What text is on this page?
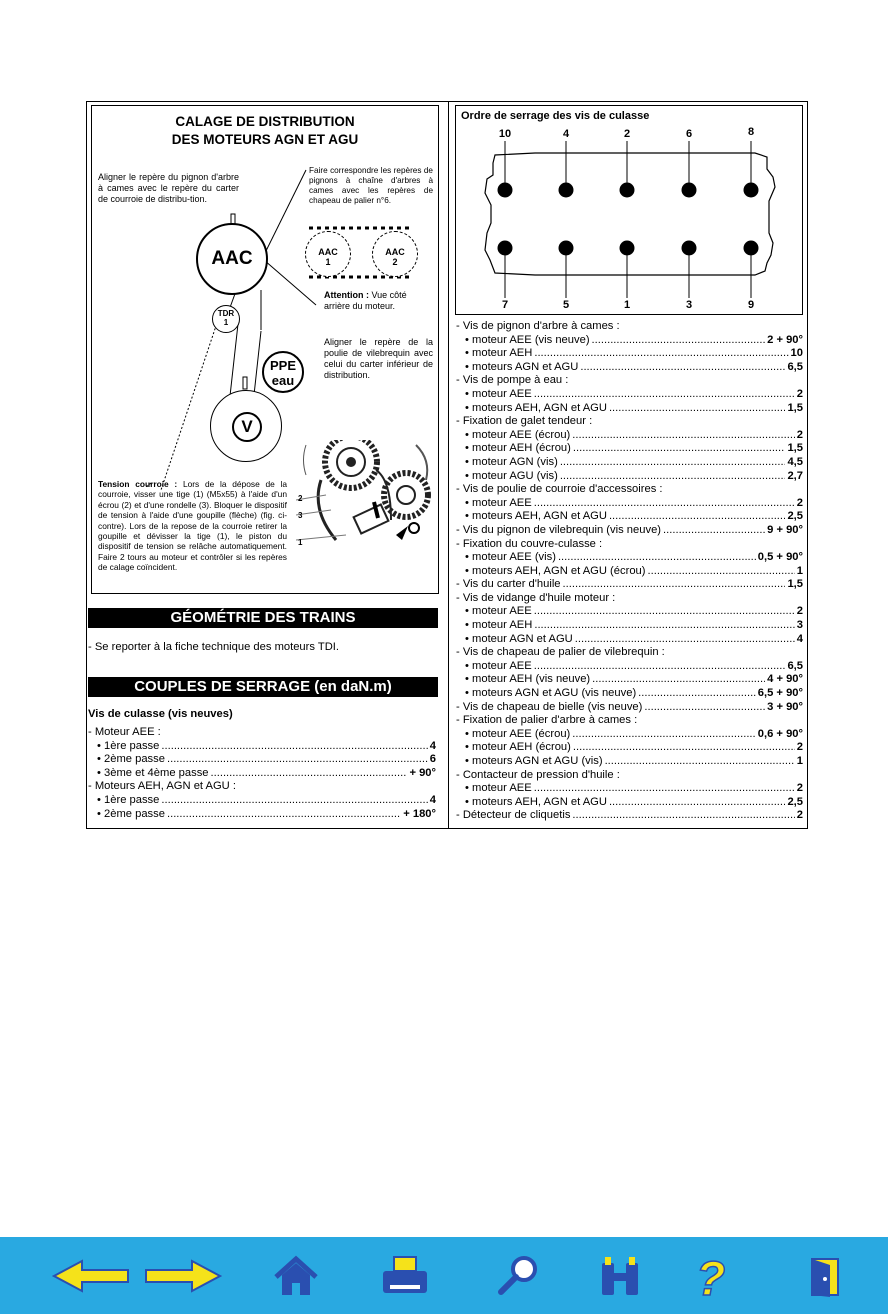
CALAGE DE DISTRIBUTION
DES MOTEURS AGN ET AGU
Aligner le repère du pignon d'arbre à cames avec le repère du carter de courroie de distribu-tion.
Faire correspondre les repères de pignons à chaîne d'arbres à cames avec les repères de chapeau de palier n°6.
AAC	AAC
1
AAC
2
Attention : Vue côté arrière du moteur.
TDR
1
PPE
eau
Aligner le repère de la poulie de vilebrequin avec celui du carter inférieur de distribution.
V
Tension courroie : Lors de la dépose de la courroie, visser une tige (1) (M5x55) à l'aide d'un écrou (2) et d'une rondelle (3). Bloquer le dispositif de tension à l'aide d'une goupille (flèche) (fig. ci-contre). Lors de la repose de la courroie retirer la goupille et dévisser la tige (1), le piston du dispositif de tension se relâche automatiquement. Faire 2 tours au moteur et contrôler si les repères de calage coïncident.
2
3
1
Ordre de serrage des vis de culasse
10	4	2	6	8
7	5	1	3	9
GÉOMÉTRIE DES TRAINS
- Se reporter à la fiche technique des moteurs TDI.
COUPLES DE SERRAGE (en daN.m)
Vis de culasse (vis neuves)
- Moteur AEE :
• 1ère passe .....	4
• 2ème passe .....	6
• 3ème et 4ème passe .....	+ 90°
- Moteurs AEH, AGN et AGU :
• 1ère passe .....	4
• 2ème passe .....	+ 180°
- Vis de pignon d'arbre à cames :
• moteur AEE (vis neuve) .....	2 + 90°
• moteur AEH .....	10
• moteurs AGN et AGU .....	6,5
- Vis de pompe à eau :
• moteur AEE .....	2
• moteurs AEH, AGN et AGU .....	1,5
- Fixation de galet tendeur :
• moteur AEE (écrou) .....	2
• moteur AEH (écrou) .....	1,5
• moteur AGN (vis) .....	4,5
• moteur AGU (vis) .....	2,7
- Vis de poulie de courroie d'accessoires :
• moteur AEE .....	2
• moteurs AEH, AGN et AGU .....	2,5
- Vis du pignon de vilebrequin (vis neuve) .....	9 + 90°
- Fixation du couvre-culasse :
• moteur AEE (vis) .....	0,5 + 90°
• moteurs AEH, AGN et AGU (écrou) .....	1
- Vis du carter d'huile .....	1,5
- Vis de vidange d'huile moteur :
• moteur AEE .....	2
• moteur AEH .....	3
• moteur AGN et AGU .....	4
- Vis de chapeau de palier de vilebrequin :
• moteur AEE .....	6,5
• moteur AEH (vis neuve) .....	4 + 90°
• moteurs AGN et AGU (vis neuve) .....	6,5 + 90°
- Vis de chapeau de bielle (vis neuve) .....	3 + 90°
- Fixation de palier d'arbre à cames :
• moteur AEE (écrou) .....	0,6 + 90°
• moteur AEH (écrou) .....	2
• moteurs AGN et AGU (vis) .....	1
- Contacteur de pression d'huile :
• moteur AEE .....	2
• moteurs AEH, AGN et AGU .....	2,5
- Détecteur de cliquetis .....	2
?
